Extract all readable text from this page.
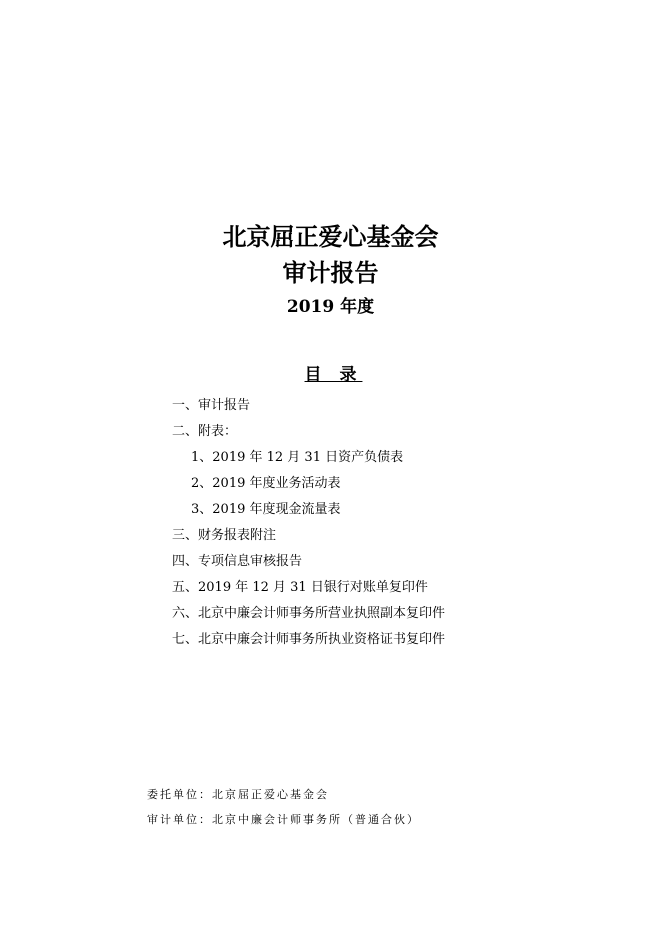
北京屈正爱心基金会
审计报告
2019 年度
目 录
一、审计报告
二、附表：
1、2019 年 12 月 31 日资产负债表
2、2019 年度业务活动表
3、2019 年度现金流量表
三、财务报表附注
四、专项信息审核报告
五、2019 年 12 月 31 日银行对账单复印件
六、北京中廉会计师事务所营业执照副本复印件
七、北京中廉会计师事务所执业资格证书复印件
委托单位：北京屈正爱心基金会
审计单位：北京中廉会计师事务所（普通合伙）
